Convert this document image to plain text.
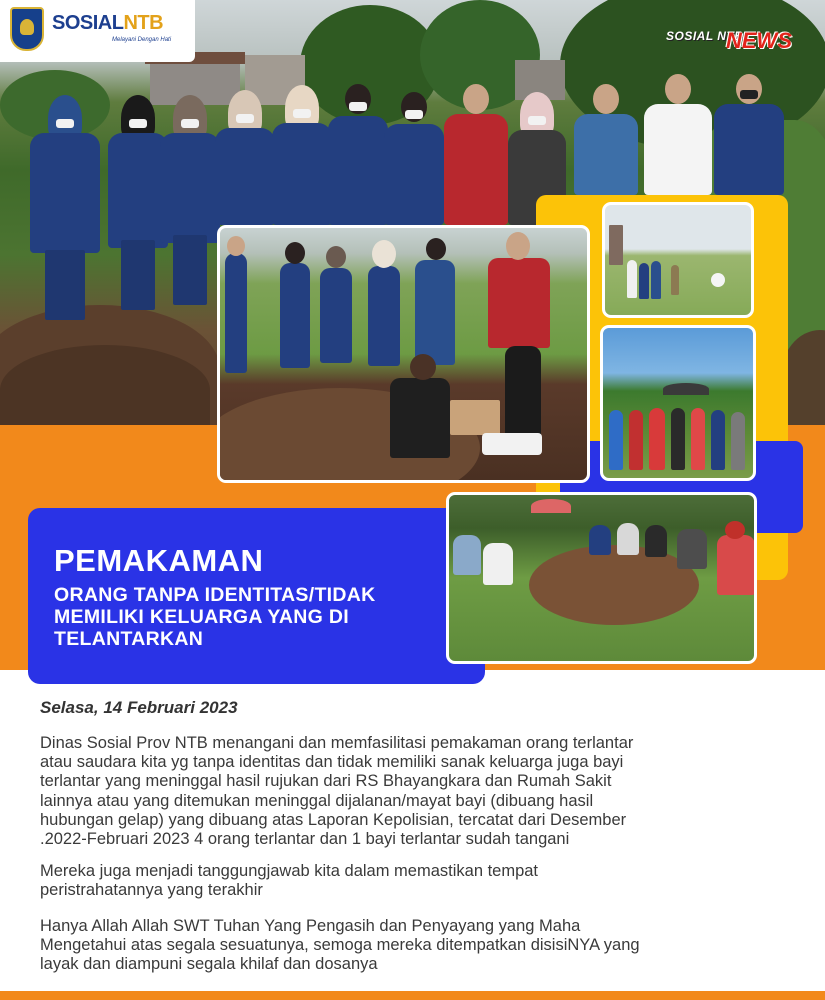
SOSIALNTB
Melayani Dengan Hati	SOSIAL NTB
NEWS
PEMAKAMAN
ORANG TANPA IDENTITAS/TIDAK
MEMILIKI KELUARGA YANG DI
TELANTARKAN
Selasa, 14 Februari 2023
Dinas Sosial Prov NTB menangani dan memfasilitasi pemakaman orang terlantar
atau saudara kita yg tanpa identitas dan tidak memiliki sanak keluarga juga bayi
terlantar yang meninggal hasil rujukan dari RS Bhayangkara dan Rumah Sakit
lainnya atau yang ditemukan meninggal dijalanan/mayat bayi (dibuang hasil
hubungan gelap) yang dibuang atas Laporan Kepolisian, tercatat dari Desember
.2022-Februari 2023 4 orang terlantar dan 1 bayi terlantar sudah tangani
Mereka juga menjadi tanggungjawab kita dalam memastikan tempat
peristrahatannya yang terakhir
Hanya Allah Allah SWT Tuhan Yang Pengasih dan Penyayang yang Maha
Mengetahui atas segala sesuatunya, semoga mereka ditempatkan disisiNYA yang
layak dan diampuni segala khilaf dan dosanya
